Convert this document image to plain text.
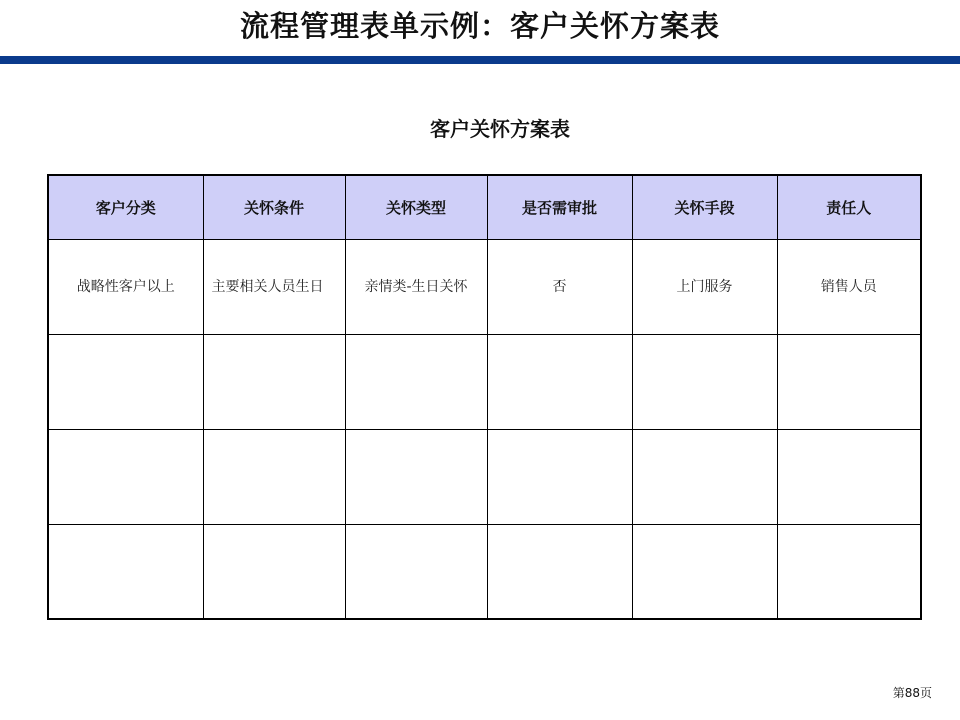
流程管理表单示例：客户关怀方案表
客户关怀方案表
客户分类	关怀条件	关怀类型	是否需审批	关怀手段	责任人
战略性客户以上	主要相关人员生日	亲情类-生日关怀	否	上门服务	销售人员

第88页
